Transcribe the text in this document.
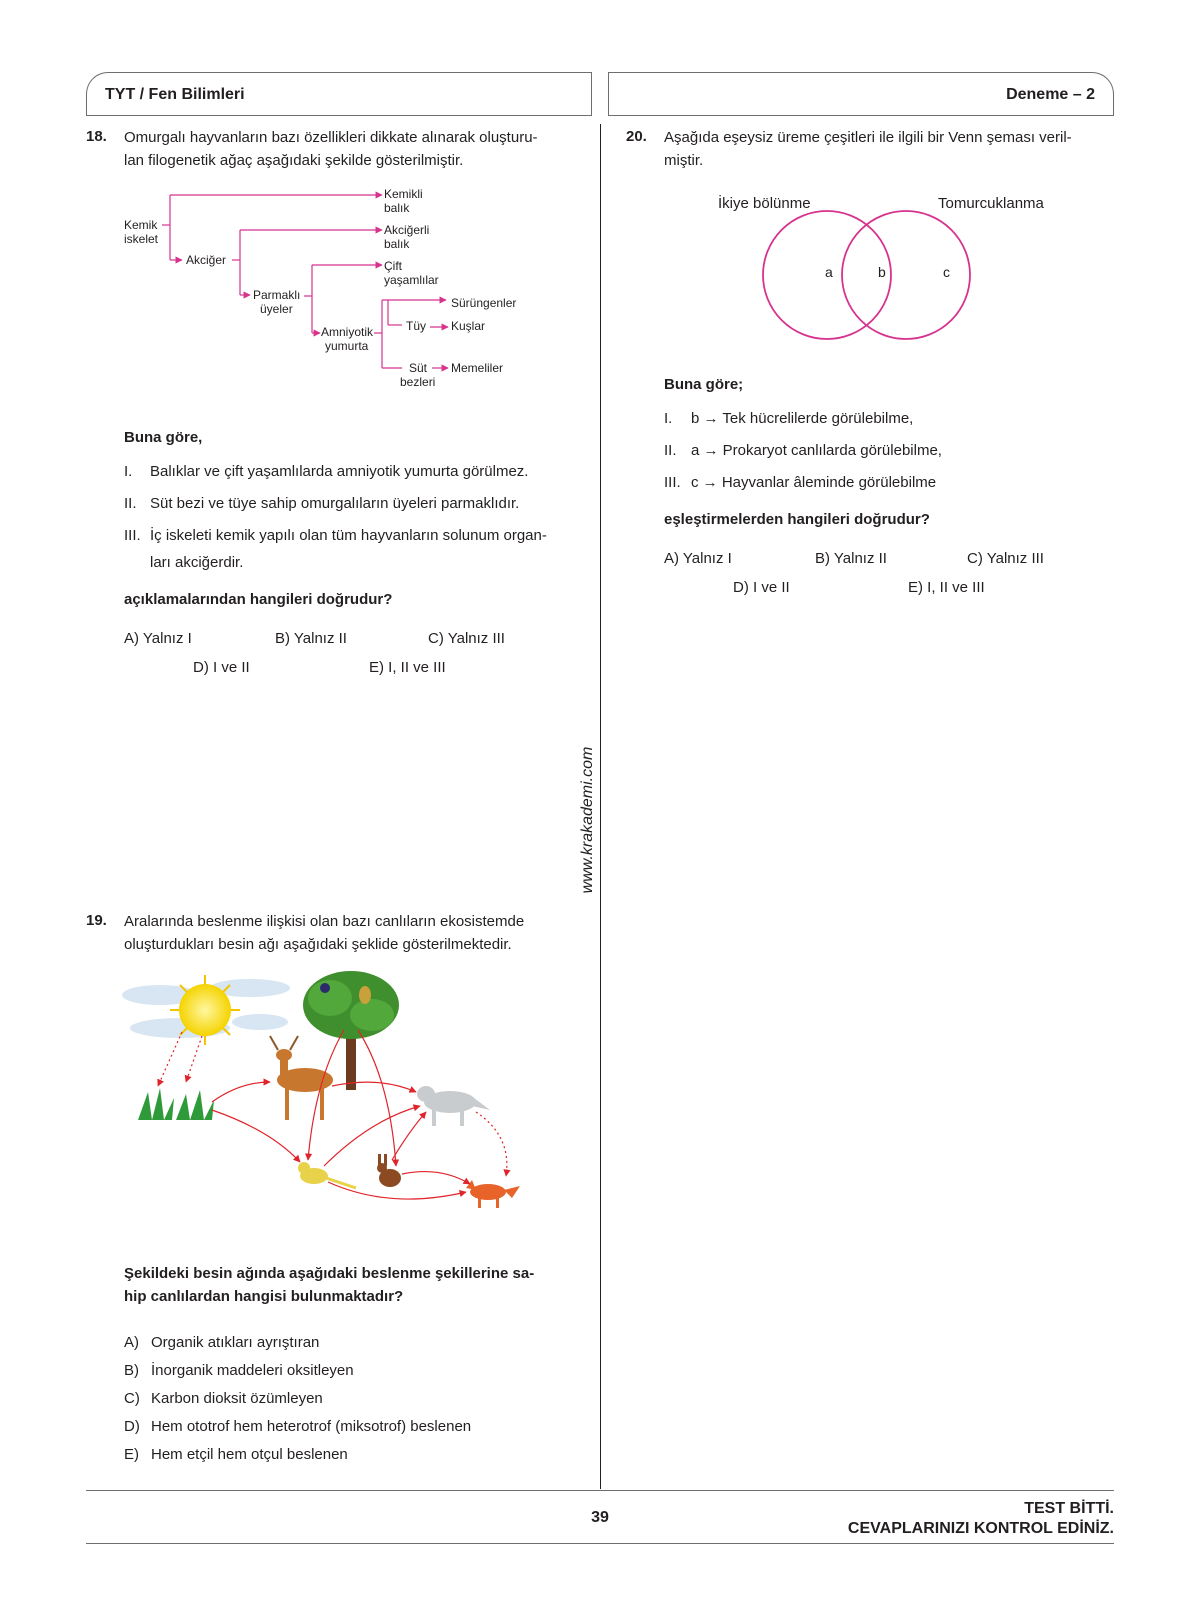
TYT / Fen Bilimleri	Deneme – 2
www.krakademi.com
18. Omurgalı hayvanların bazı özellikleri dikkate alınarak oluşturu-
lan filogenetik ağaç aşağıdaki şekilde gösterilmiştir.
Kemik
iskelet
Akciğer
Parmaklı
üyeler
Amniyotik
yumurta
Kemikli
balık
Akciğerli
balık
Çift
yaşamlılar
Sürüngenler
Tüy Kuşlar
Süt
bezleri
Memeliler
Buna göre,
I. Balıklar ve çift yaşamlılarda amniyotik yumurta görülmez.
II. Süt bezi ve tüye sahip omurgalıların üyeleri parmaklıdır.
III. İç iskeleti kemik yapılı olan tüm hayvanların solunum organ-
ları akciğerdir.
açıklamalarından hangileri doğrudur?
A) Yalnız I	B) Yalnız II	C) Yalnız III
D) I ve II	E) I, II ve III
19. Aralarında beslenme ilişkisi olan bazı canlıların ekosistemde
oluşturdukları besin ağı aşağıdaki şeklide gösterilmektedir.
Şekildeki besin ağında aşağıdaki beslenme şekillerine sa-
hip canlılardan hangisi bulunmaktadır?
A) Organik atıkları ayrıştıran
B) İnorganik maddeleri oksitleyen
C) Karbon dioksit özümleyen
D) Hem ototrof hem heterotrof (miksotrof) beslenen
E) Hem etçil hem otçul beslenen
20. Aşağıda eşeysiz üreme çeşitleri ile ilgili bir Venn şeması veril-
miştir.
İkiye bölünme	Tomurcuklanma
a	b	c
Buna göre;
I. b → Tek hücrelilerde görülebilme,
II. a → Prokaryot canlılarda görülebilme,
III. c → Hayvanlar âleminde görülebilme
eşleştirmelerden hangileri doğrudur?
A) Yalnız I	B) Yalnız II	C) Yalnız III
D) I ve II	E) I, II ve III
39
TEST BİTTİ.
CEVAPLARINIZI KONTROL EDİNİZ.
